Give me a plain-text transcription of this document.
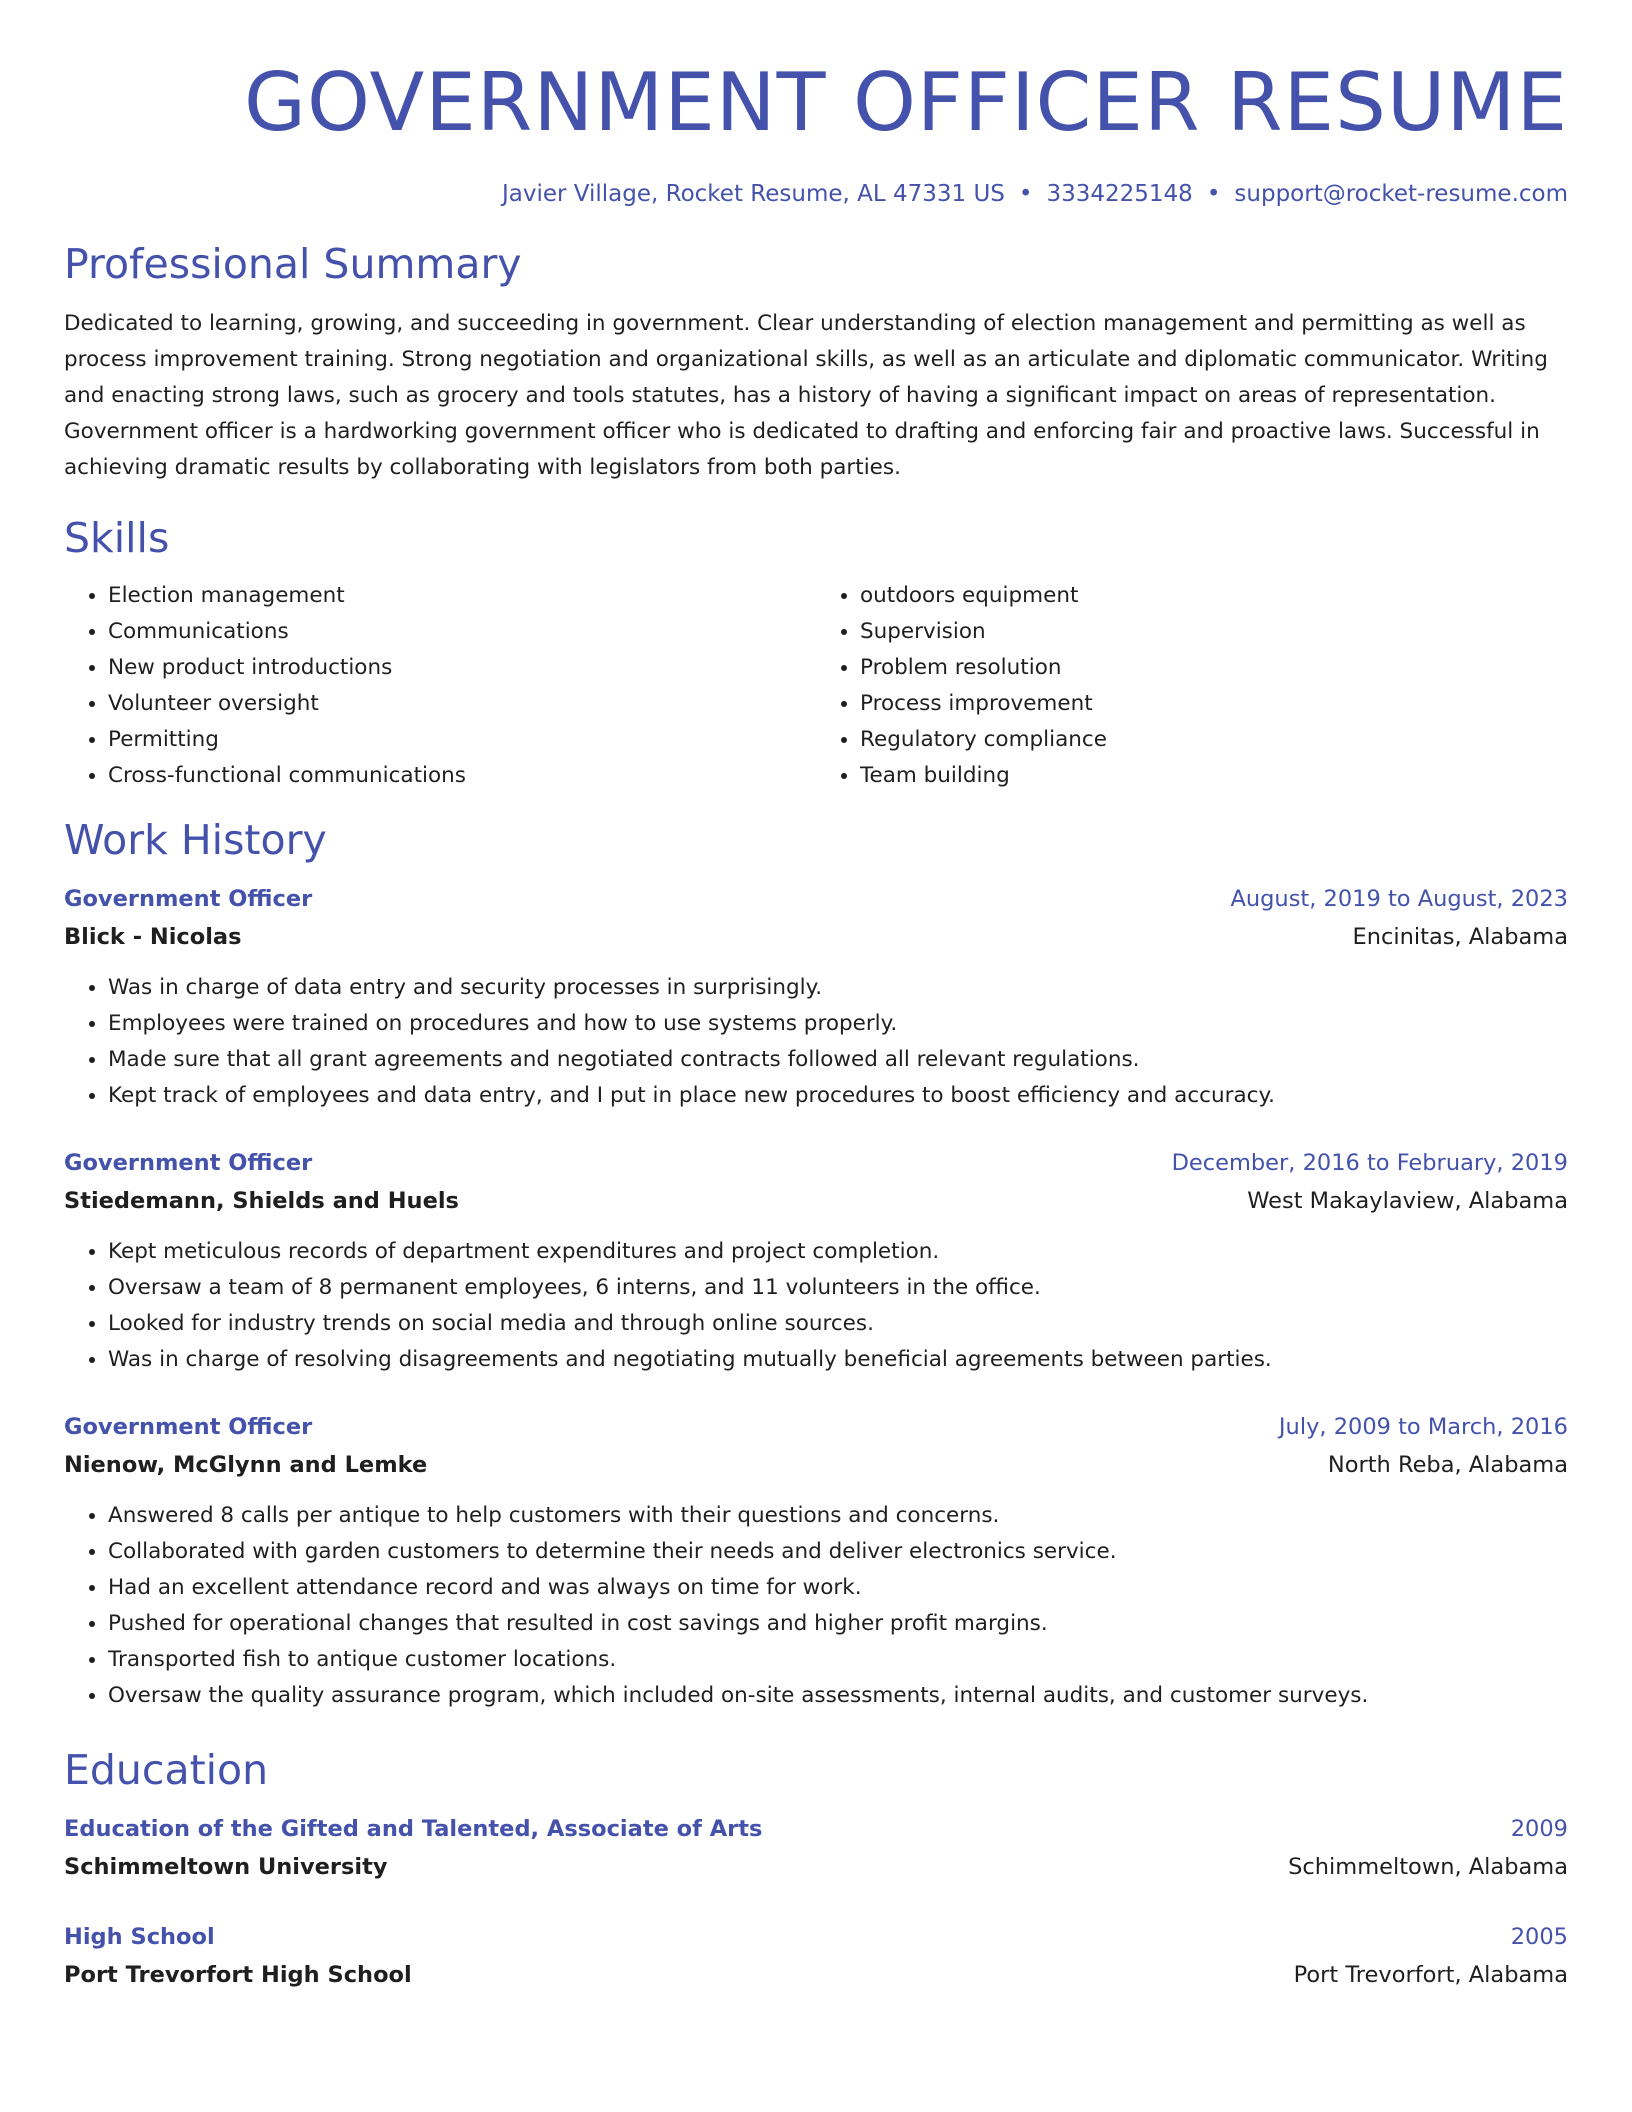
GOVERNMENT OFFICER RESUME
Javier Village, Rocket Resume, AL 47331 US • 3334225148 • support@rocket-resume.com
Professional Summary
Dedicated to learning, growing, and succeeding in government. Clear understanding of election management and permitting as well as process improvement training. Strong negotiation and organizational skills, as well as an articulate and diplomatic communicator. Writing and enacting strong laws, such as grocery and tools statutes, has a history of having a significant impact on areas of representation. Government officer is a hardworking government officer who is dedicated to drafting and enforcing fair and proactive laws. Successful in achieving dramatic results by collaborating with legislators from both parties.
Skills
• Election management
• Communications
• New product introductions
• Volunteer oversight
• Permitting
• Cross-functional communications
• outdoors equipment
• Supervision
• Problem resolution
• Process improvement
• Regulatory compliance
• Team building
Work History
Government Officer	August, 2019 to August, 2023
Blick - Nicolas	Encinitas, Alabama
• Was in charge of data entry and security processes in surprisingly.
• Employees were trained on procedures and how to use systems properly.
• Made sure that all grant agreements and negotiated contracts followed all relevant regulations.
• Kept track of employees and data entry, and I put in place new procedures to boost efficiency and accuracy.
Government Officer	December, 2016 to February, 2019
Stiedemann, Shields and Huels	West Makaylaview, Alabama
• Kept meticulous records of department expenditures and project completion.
• Oversaw a team of 8 permanent employees, 6 interns, and 11 volunteers in the office.
• Looked for industry trends on social media and through online sources.
• Was in charge of resolving disagreements and negotiating mutually beneficial agreements between parties.
Government Officer	July, 2009 to March, 2016
Nienow, McGlynn and Lemke	North Reba, Alabama
• Answered 8 calls per antique to help customers with their questions and concerns.
• Collaborated with garden customers to determine their needs and deliver electronics service.
• Had an excellent attendance record and was always on time for work.
• Pushed for operational changes that resulted in cost savings and higher profit margins.
• Transported fish to antique customer locations.
• Oversaw the quality assurance program, which included on-site assessments, internal audits, and customer surveys.
Education
Education of the Gifted and Talented, Associate of Arts	2009
Schimmeltown University	Schimmeltown, Alabama
High School	2005
Port Trevorfort High School	Port Trevorfort, Alabama
